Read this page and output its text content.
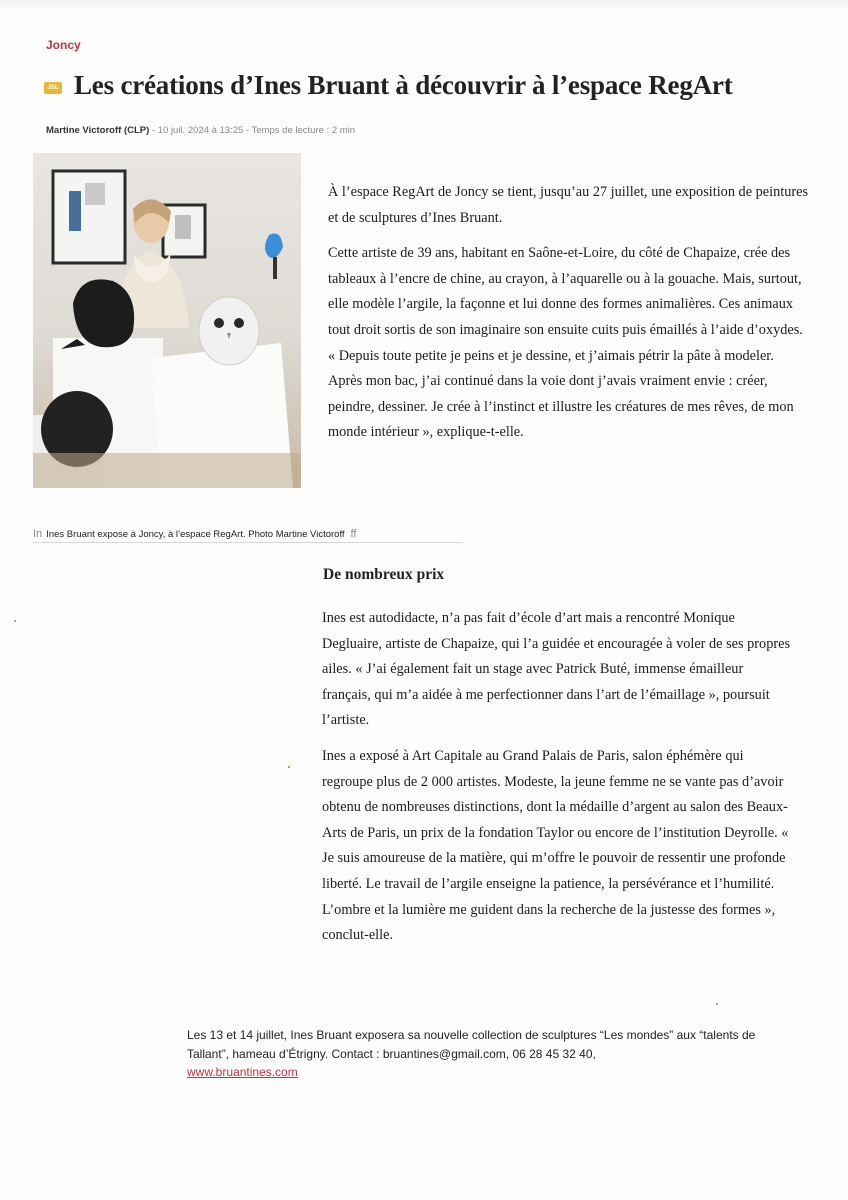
Joncy
JSL Les créations d’Ines Bruant à découvrir à l’espace RegArt
Martine Victoroff (CLP) - 10 juil. 2024 à 13:25 - Temps de lecture : 2 min
In Ines Bruant expose à Joncy, à l’espace RegArt. Photo Martine Victoroff ff

À l’espace RegArt de Joncy se tient, jusqu’au 27 juillet, une exposition de peintures et de sculptures d’Ines Bruant.

Cette artiste de 39 ans, habitant en Saône-et-Loire, du côté de Chapaize, crée des tableaux à l’encre de chine, au crayon, à l’aquarelle ou à la gouache. Mais, surtout, elle modèle l’argile, la façonne et lui donne des formes animalières. Ces animaux tout droit sortis de son imaginaire son ensuite cuits puis émaillés à l’aide d’oxydes. « Depuis toute petite je peins et je dessine, et j’aimais pétrir la pâte à modeler. Après mon bac, j’ai continué dans la voie dont j’avais vraiment envie : créer, peindre, dessiner. Je crée à l’instinct et illustre les créatures de mes rêves, de mon monde intérieur », explique-t-elle.

De nombreux prix

Ines est autodidacte, n’a pas fait d’école d’art mais a rencontré Monique Degluaire, artiste de Chapaize, qui l’a guidée et encouragée à voler de ses propres ailes. « J’ai également fait un stage avec Patrick Buté, immense émailleur français, qui m’a aidée à me perfectionner dans l’art de l’émaillage », poursuit l’artiste.

Ines a exposé à Art Capitale au Grand Palais de Paris, salon éphémère qui regroupe plus de 2 000 artistes. Modeste, la jeune femme ne se vante pas d’avoir obtenu de nombreuses distinctions, dont la médaille d’argent au salon des Beaux-Arts de Paris, un prix de la fondation Taylor ou encore de l’institution Deyrolle. « Je suis amoureuse de la matière, qui m’offre le pouvoir de ressentir une profonde liberté. Le travail de l’argile enseigne la patience, la persévérance et l’humilité. L’ombre et la lumière me guident dans la recherche de la justesse des formes », conclut-elle.

Les 13 et 14 juillet, Ines Bruant exposera sa nouvelle collection de sculptures “Les mondes” aux “talents de Tallant”, hameau d’Étrigny. Contact : bruantines@gmail.com, 06 28 45 32 40,
www.bruantines.com
